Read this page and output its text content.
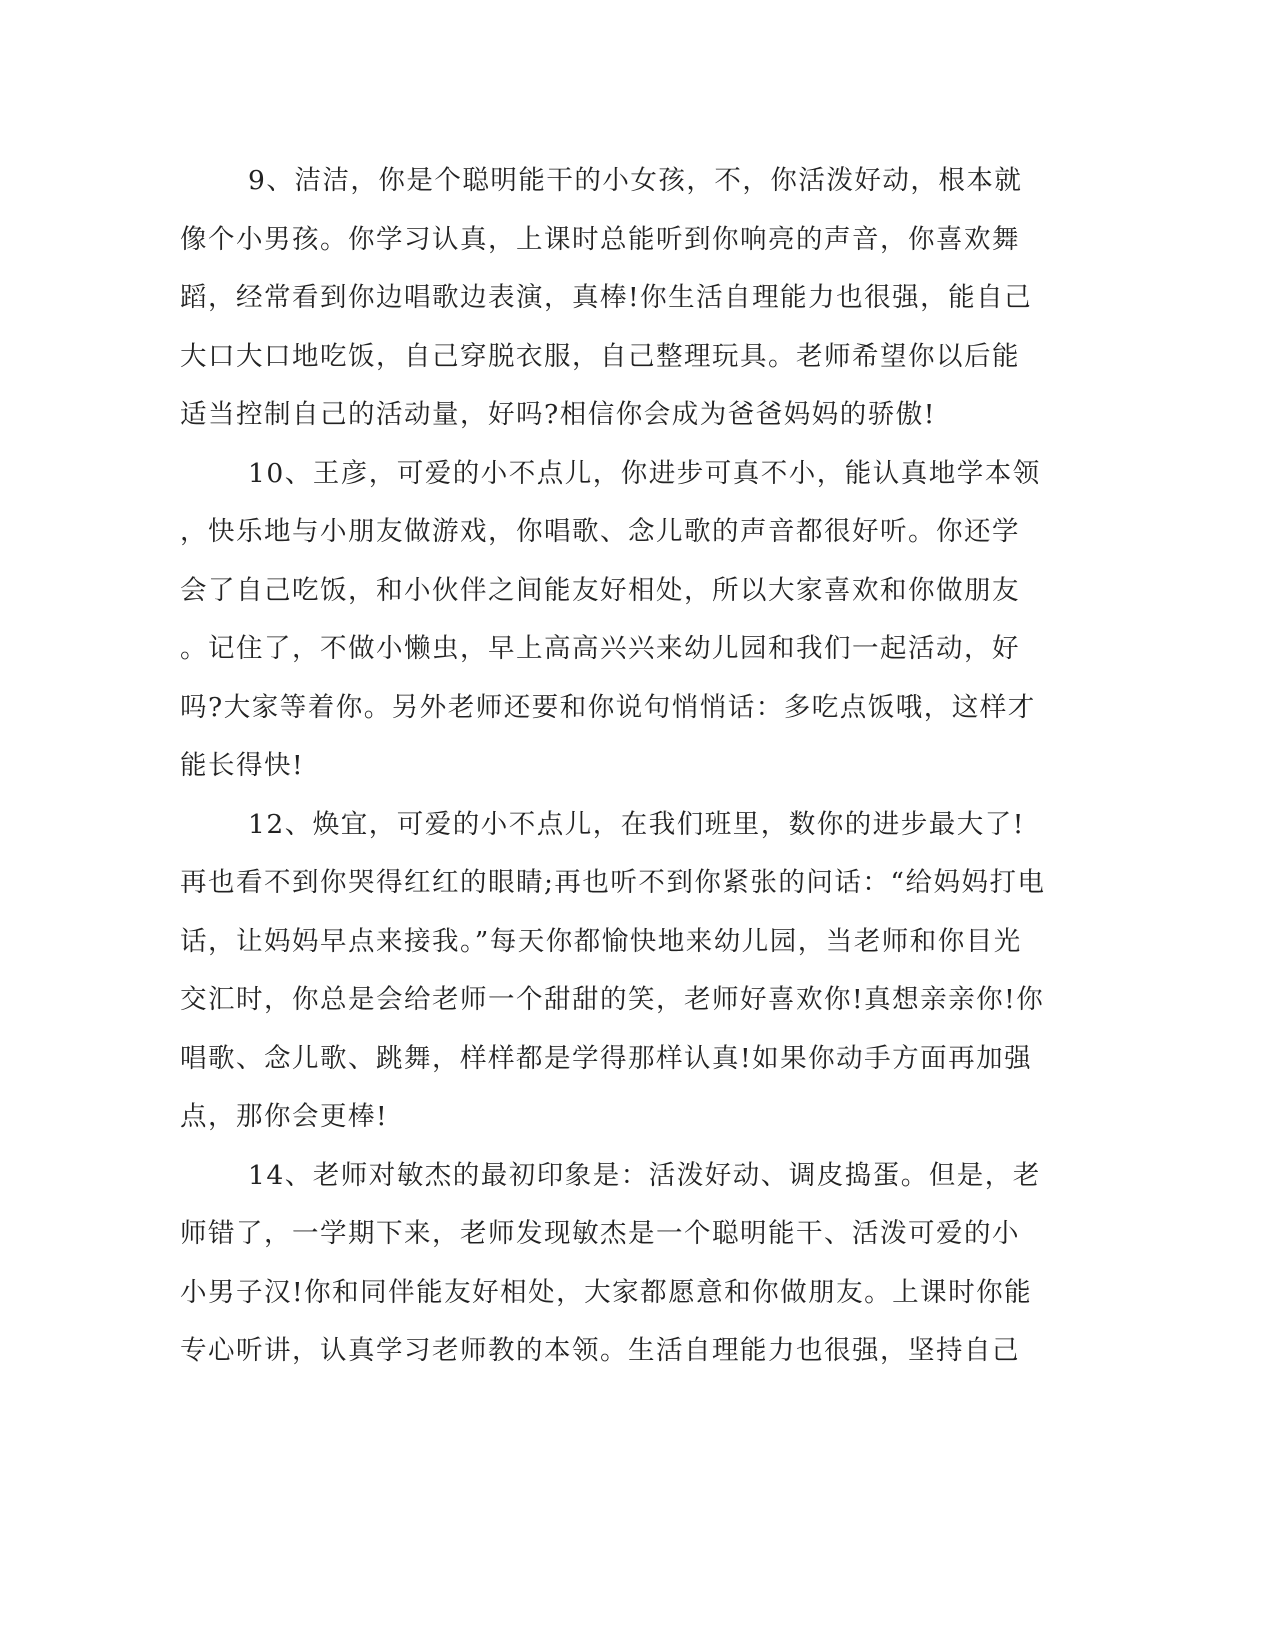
9、洁洁，你是个聪明能干的小女孩，不，你活泼好动，根本就
像个小男孩。你学习认真，上课时总能听到你响亮的声音，你喜欢舞
蹈，经常看到你边唱歌边表演，真棒!你生活自理能力也很强，能自己
大口大口地吃饭，自己穿脱衣服，自己整理玩具。老师希望你以后能
适当控制自己的活动量，好吗?相信你会成为爸爸妈妈的骄傲!

10、王彦，可爱的小不点儿，你进步可真不小，能认真地学本领
，快乐地与小朋友做游戏，你唱歌、念儿歌的声音都很好听。你还学
会了自己吃饭，和小伙伴之间能友好相处，所以大家喜欢和你做朋友
。记住了，不做小懒虫，早上高高兴兴来幼儿园和我们一起活动，好
吗?大家等着你。另外老师还要和你说句悄悄话：多吃点饭哦，这样才
能长得快!

12、焕宜，可爱的小不点儿，在我们班里，数你的进步最大了!
再也看不到你哭得红红的眼睛;再也听不到你紧张的问话：“给妈妈打电
话，让妈妈早点来接我。”每天你都愉快地来幼儿园，当老师和你目光
交汇时，你总是会给老师一个甜甜的笑，老师好喜欢你!真想亲亲你!你
唱歌、念儿歌、跳舞，样样都是学得那样认真!如果你动手方面再加强
点，那你会更棒!

14、老师对敏杰的最初印象是：活泼好动、调皮捣蛋。但是，老
师错了，一学期下来，老师发现敏杰是一个聪明能干、活泼可爱的小
小男子汉!你和同伴能友好相处，大家都愿意和你做朋友。上课时你能
专心听讲，认真学习老师教的本领。生活自理能力也很强，坚持自己
